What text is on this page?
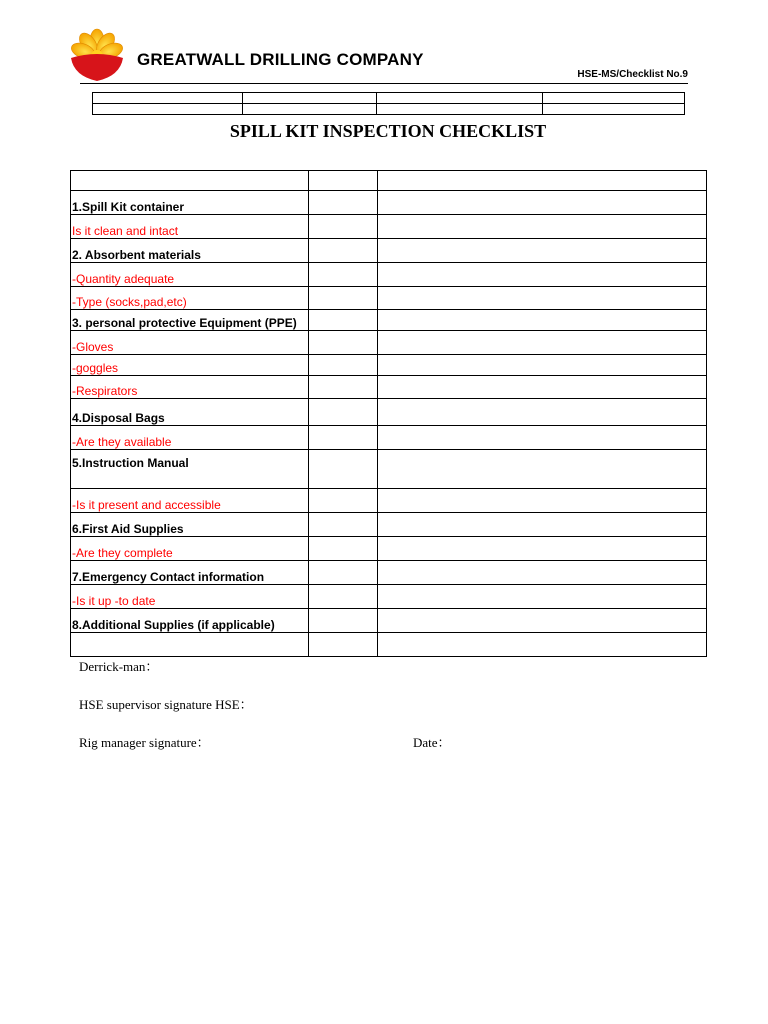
GREATWALL DRILLING COMPANY
HSE-MS/Checklist No.9

SPILL KIT INSPECTION CHECKLIST

1.Spill Kit container		
Is it clean and intact		
2. Absorbent materials		
-Quantity adequate		
-Type (socks,pad,etc)		
3. personal protective Equipment (PPE)		
-Gloves		
-goggles		
-Respirators		
4.Disposal Bags		
-Are they available		
5.Instruction Manual		
-Is it present and accessible		
6.First Aid Supplies		
-Are they complete		
7.Emergency Contact information		
-Is it up -to date		
8.Additional Supplies (if applicable)		

Derrick-man：
HSE supervisor signature HSE：
Rig manager signature：	Date：
